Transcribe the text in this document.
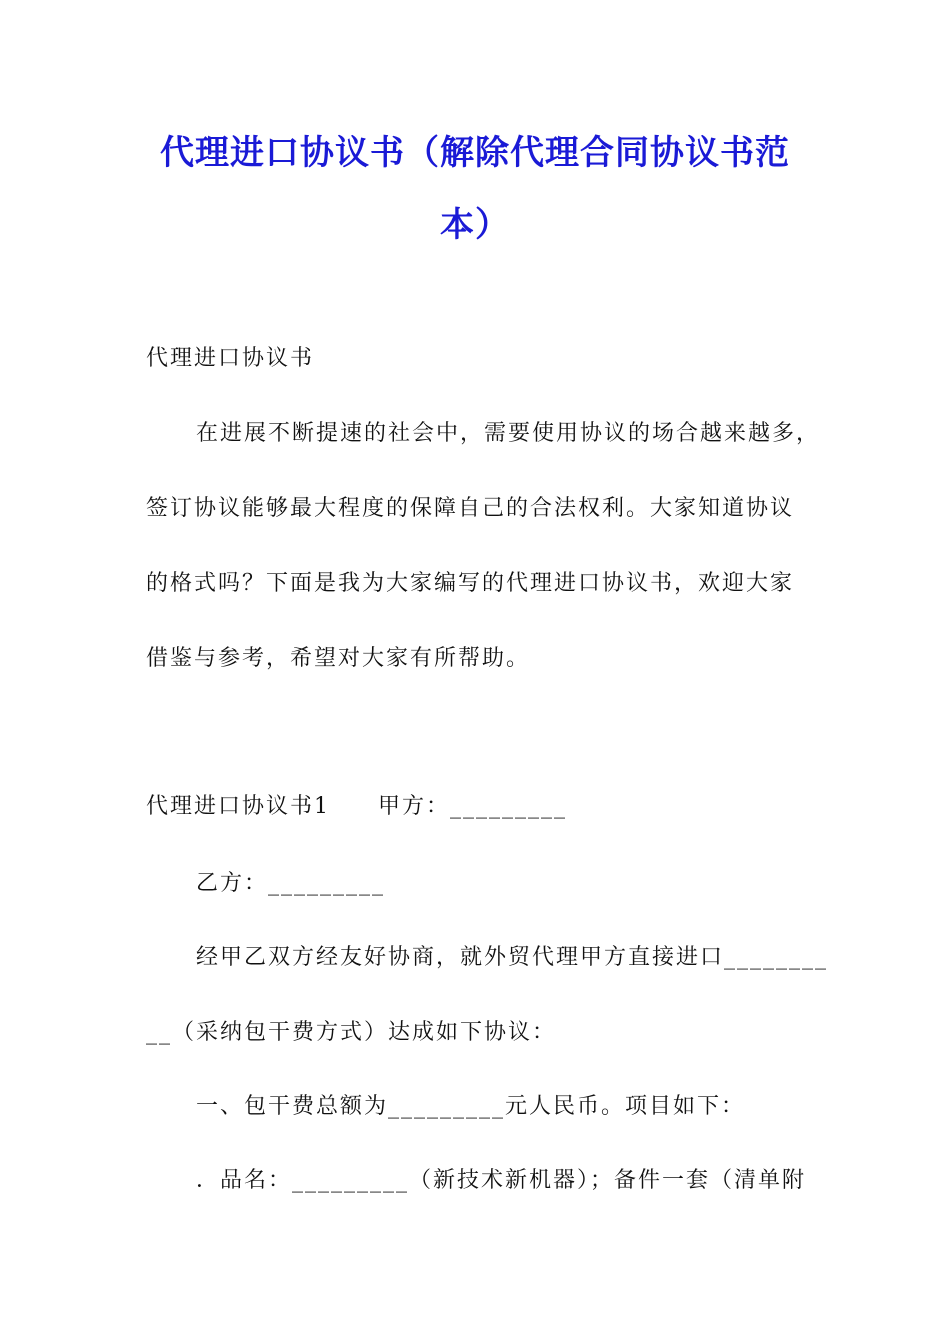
代理进口协议书（解除代理合同协议书范
本）
代理进口协议书
在进展不断提速的社会中，需要使用协议的场合越来越多，
签订协议能够最大程度的保障自己的合法权利。大家知道协议
的格式吗？下面是我为大家编写的代理进口协议书，欢迎大家
借鉴与参考，希望对大家有所帮助。
代理进口协议书1　　甲方：_________
乙方：_________
经甲乙双方经友好协商，就外贸代理甲方直接进口________
__（采纳包干费方式）达成如下协议：
一、包干费总额为_________元人民币。项目如下：
．品名：_________（新技术新机器）；备件一套（清单附
